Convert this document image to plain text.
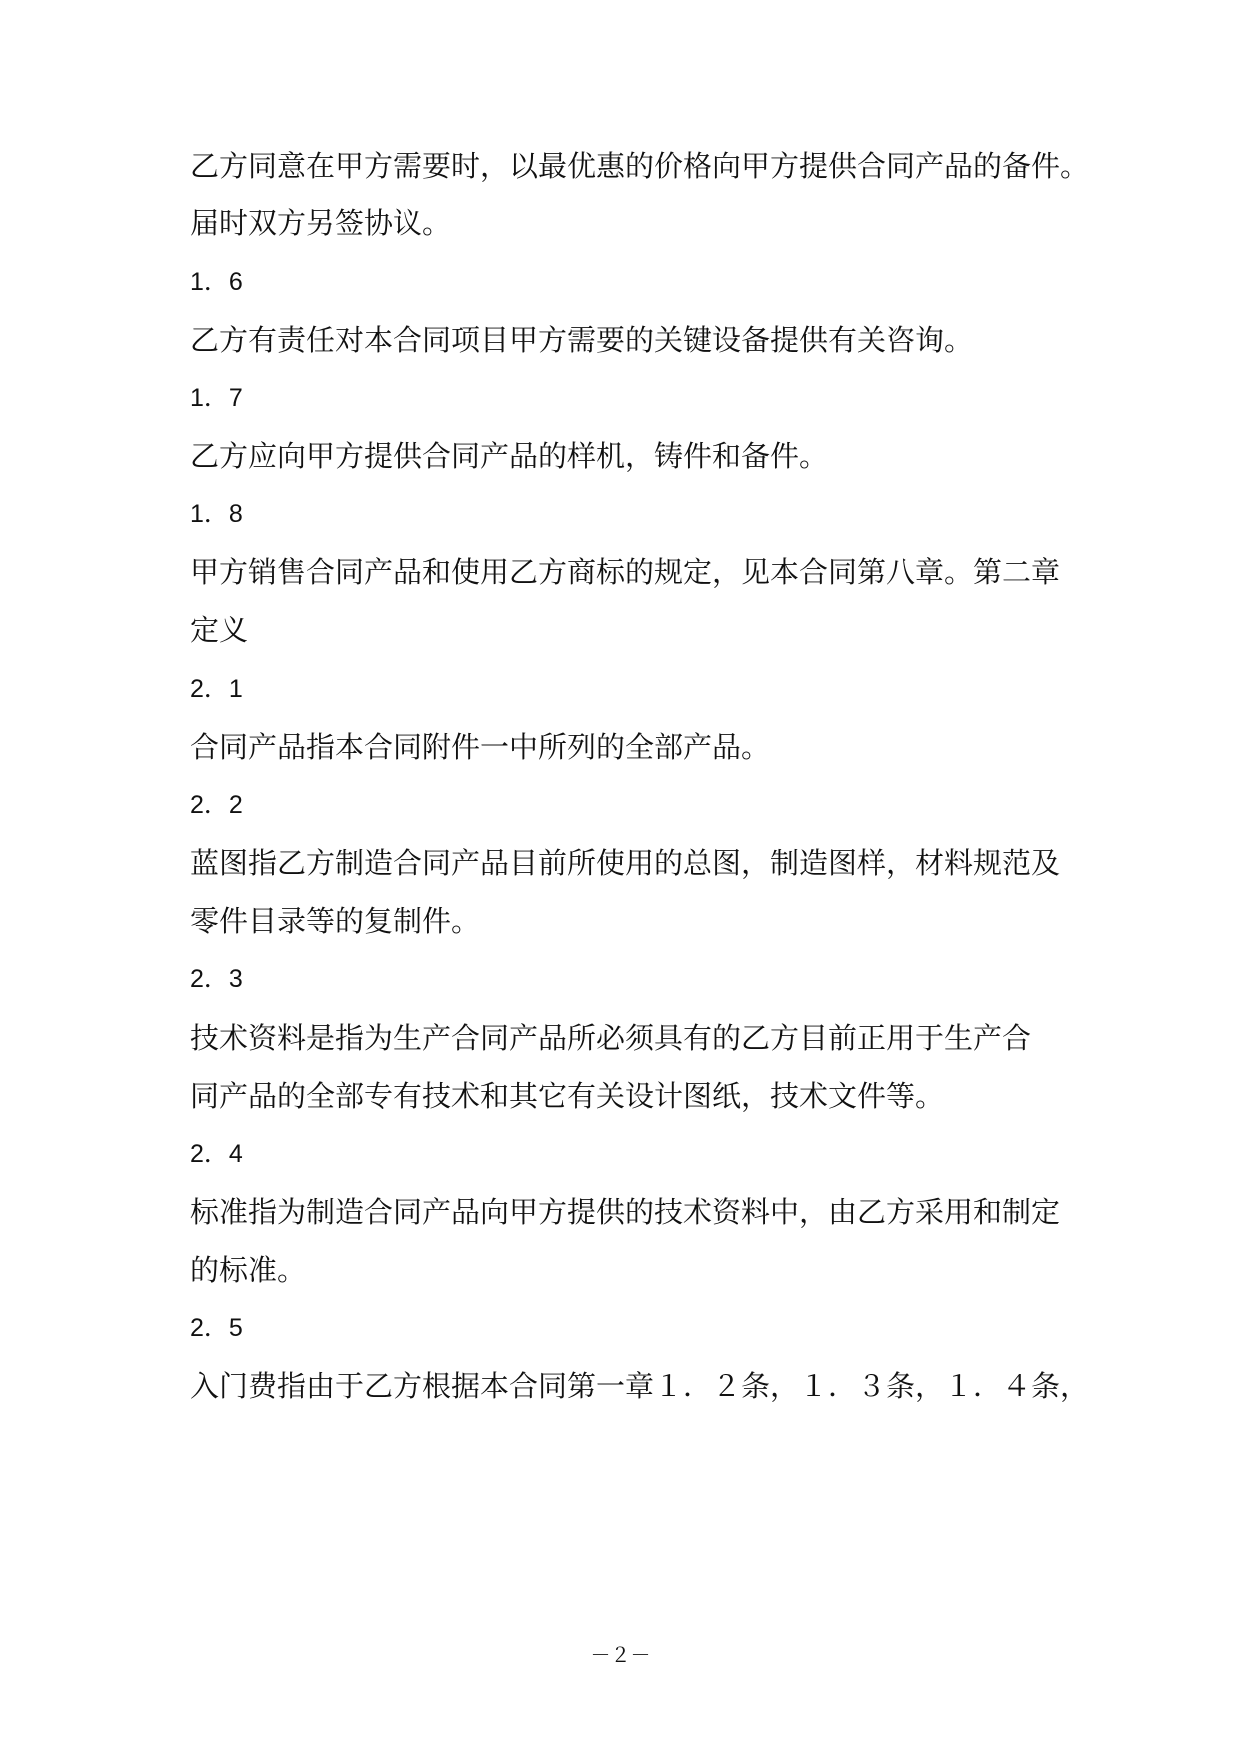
乙方同意在甲方需要时，以最优惠的价格向甲方提供合同产品的备件。
届时双方另签协议。
1．6
乙方有责任对本合同项目甲方需要的关键设备提供有关咨询。
1．7
乙方应向甲方提供合同产品的样机，铸件和备件。
1．8
甲方销售合同产品和使用乙方商标的规定，见本合同第八章。第二章
定义
2．1
合同产品指本合同附件一中所列的全部产品。
2．2
蓝图指乙方制造合同产品目前所使用的总图，制造图样，材料规范及
零件目录等的复制件。
2．3
技术资料是指为生产合同产品所必须具有的乙方目前正用于生产合
同产品的全部专有技术和其它有关设计图纸，技术文件等。
2．4
标准指为制造合同产品向甲方提供的技术资料中，由乙方采用和制定
的标准。
2．5
入门费指由于乙方根据本合同第一章１．２条，１．３条，１．４条，
－２－
